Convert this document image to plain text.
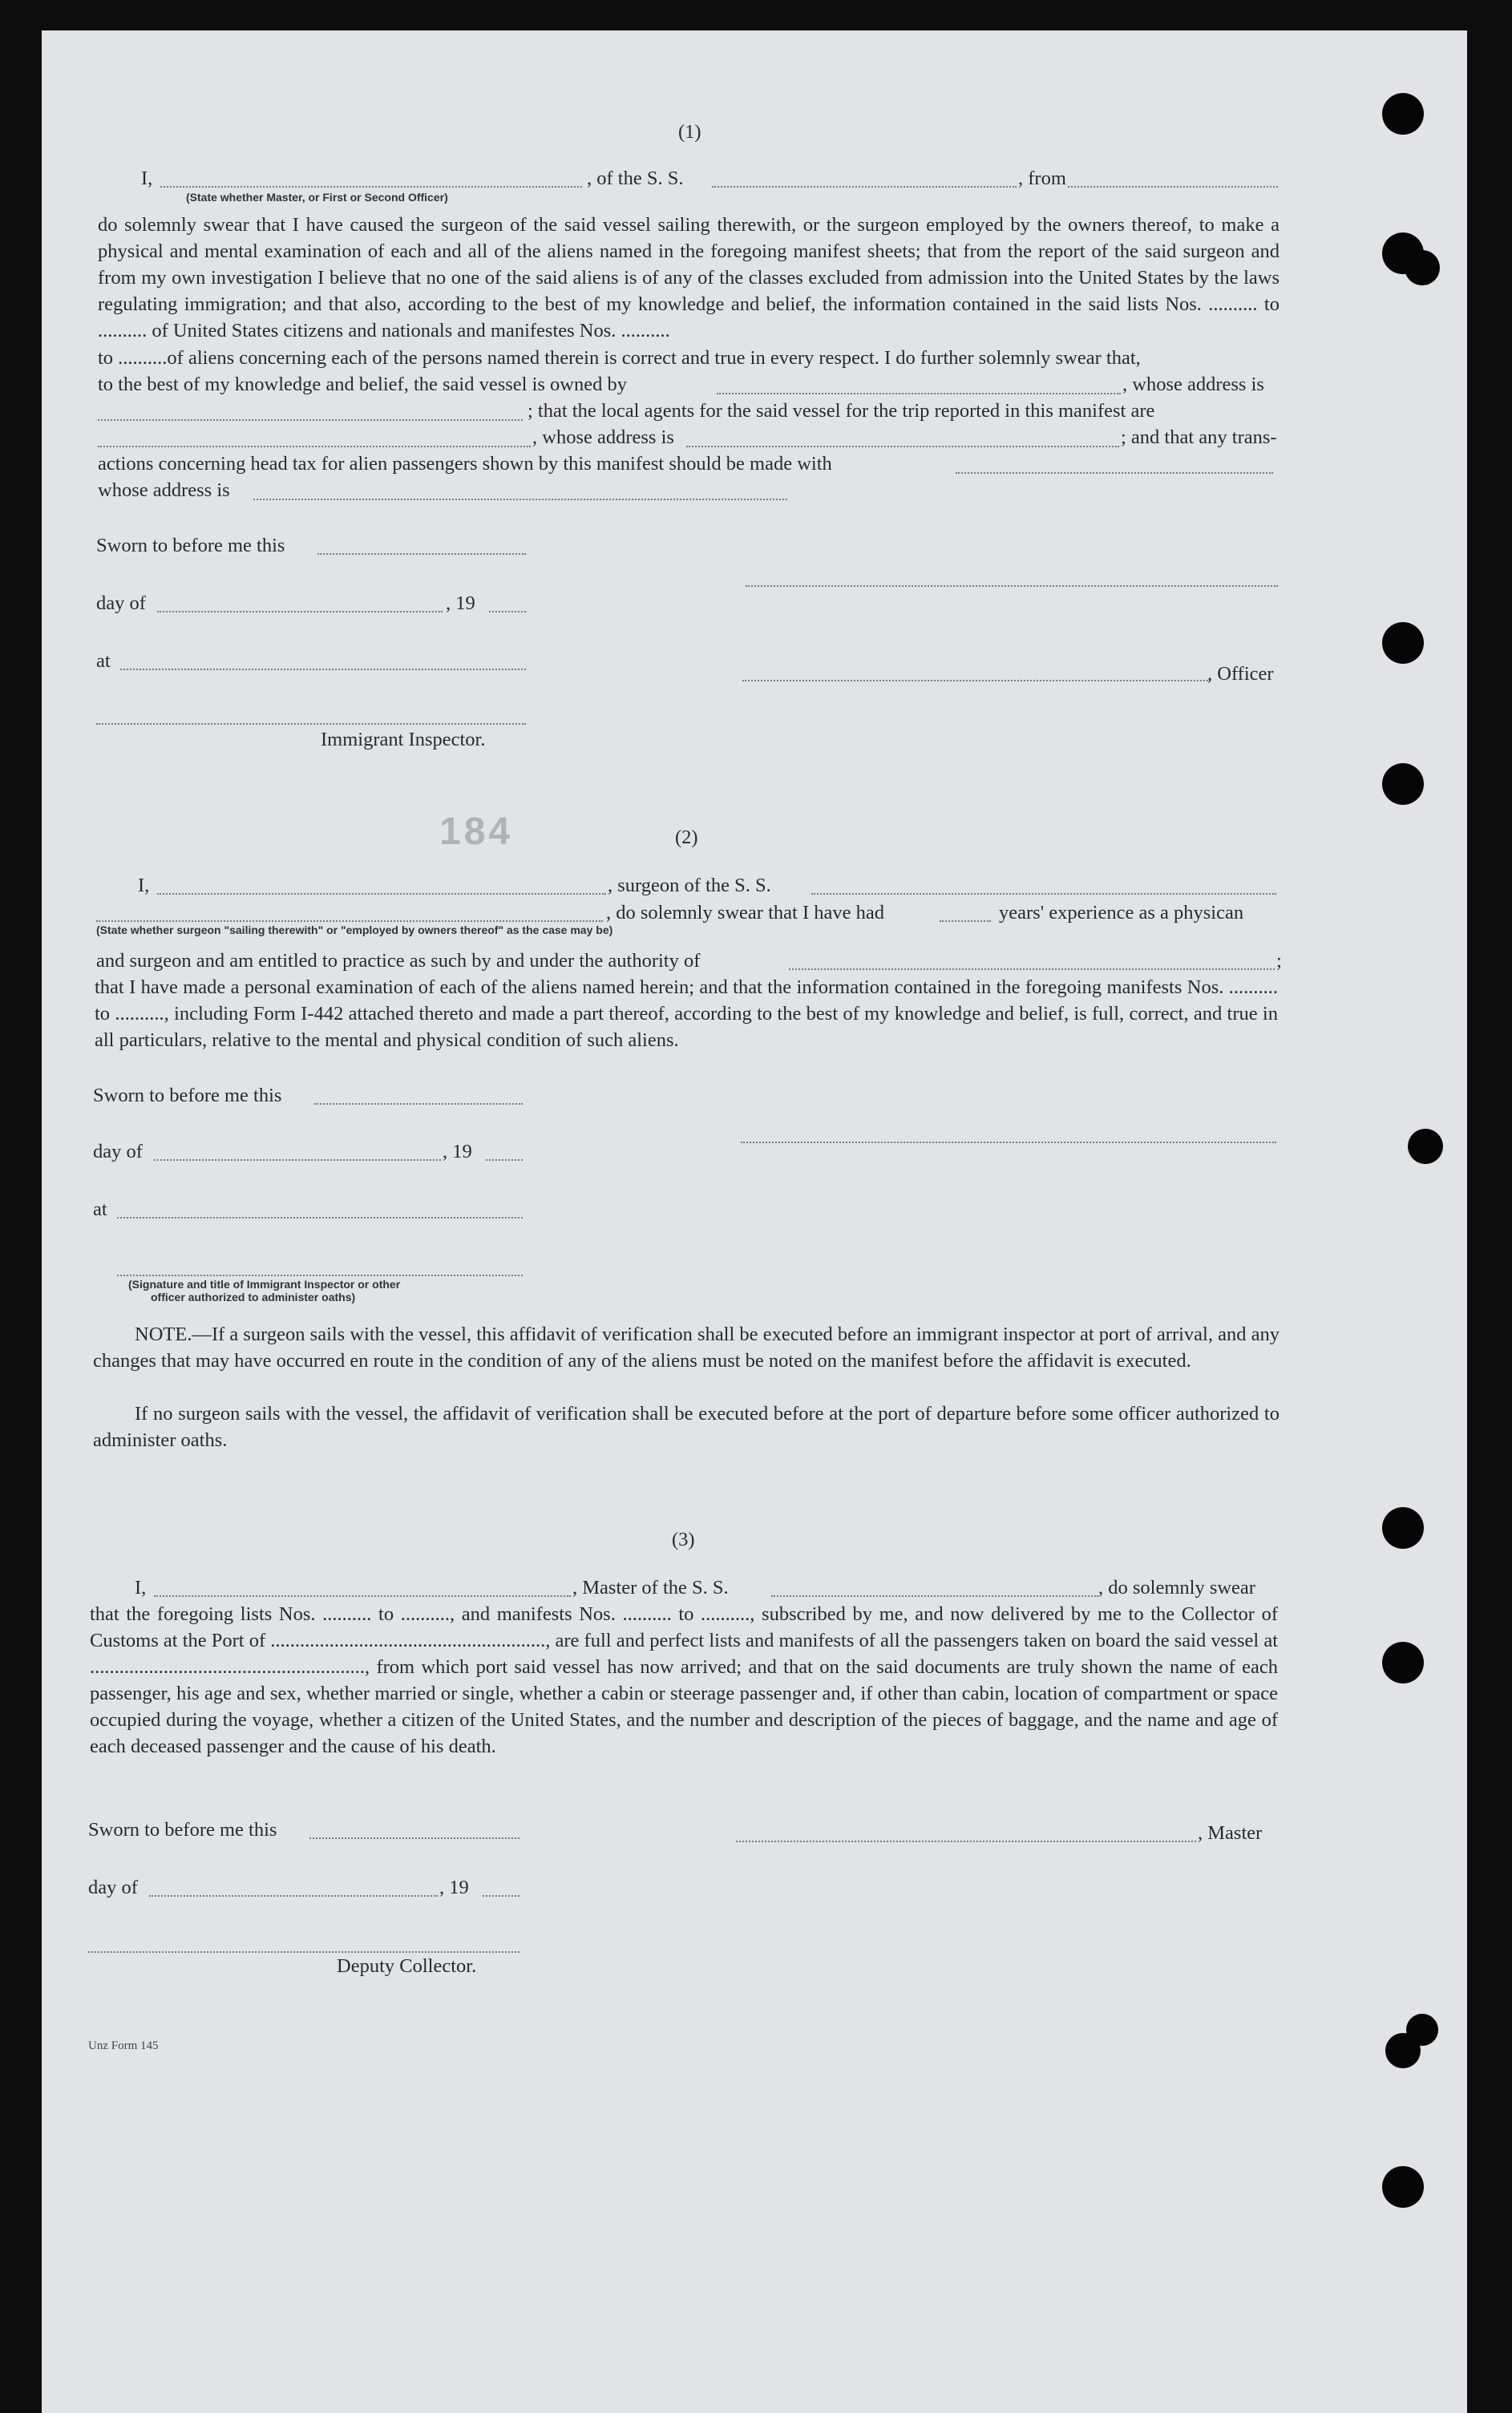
(1)
I,	, of the S. S.	, from
(State whether Master, or First or Second Officer)
do solemnly swear that I have caused the surgeon of the said vessel sailing therewith, or the surgeon employed by the owners thereof, to make a physical and mental examination of each and all of the aliens named in the foregoing manifest sheets; that from the report of the said surgeon and from my own investigation I believe that no one of the said aliens is of any of the classes excluded from admission into the United States by the laws regulating immigration; and that also, according to the best of my knowledge and belief, the information contained in the said lists Nos. .......... to .......... of United States citizens and nationals and manifestes Nos. ..........
to ..........of aliens concerning each of the persons named therein is correct and true in every respect. I do further solemnly swear that,
to the best of my knowledge and belief, the said vessel is owned by	, whose address is
; that the local agents for the said vessel for the trip reported in this manifest are
, whose address is	; and that any trans-
actions concerning head tax for alien passengers shown by this manifest should be made with
whose address is
Sworn to before me this
day of	, 19
at
, Officer
Immigrant Inspector.
184	(2)
I,	, surgeon of the S. S.
, do solemnly swear that I have had	years' experience as a physican
(State whether surgeon "sailing therewith" or "employed by owners thereof" as the case may be)
and surgeon and am entitled to practice as such by and under the authority of	;
that I have made a personal examination of each of the aliens named herein; and that the information contained in the foregoing manifests Nos. .......... to .........., including Form I-442 attached thereto and made a part thereof, according to the best of my knowledge and belief, is full, correct, and true in all particulars, relative to the mental and physical condition of such aliens.
Sworn to before me this
day of	, 19
at
(Signature and title of Immigrant Inspector or other
officer authorized to administer oaths)
NOTE.—If a surgeon sails with the vessel, this affidavit of verification shall be executed before an immigrant inspector at port of arrival, and any changes that may have occurred en route in the condition of any of the aliens must be noted on the manifest before the affidavit is executed.
If no surgeon sails with the vessel, the affidavit of verification shall be executed before at the port of departure before some officer authorized to administer oaths.
(3)
I,	, Master of the S. S.	, do solemnly swear
that the foregoing lists Nos. .......... to .........., and manifests Nos. .......... to .........., subscribed by me, and now delivered by me to the Collector of Customs at the Port of ........................................................, are full and perfect lists and manifests of all the passengers taken on board the said vessel at ........................................................, from which port said vessel has now arrived; and that on the said documents are truly shown the name of each passenger, his age and sex, whether married or single, whether a cabin or steerage passenger and, if other than cabin, location of compartment or space occupied during the voyage, whether a citizen of the United States, and the number and description of the pieces of baggage, and the name and age of each deceased passenger and the cause of his death.
Sworn to before me this	, Master
day of	, 19
Deputy Collector.
Unz Form 145
